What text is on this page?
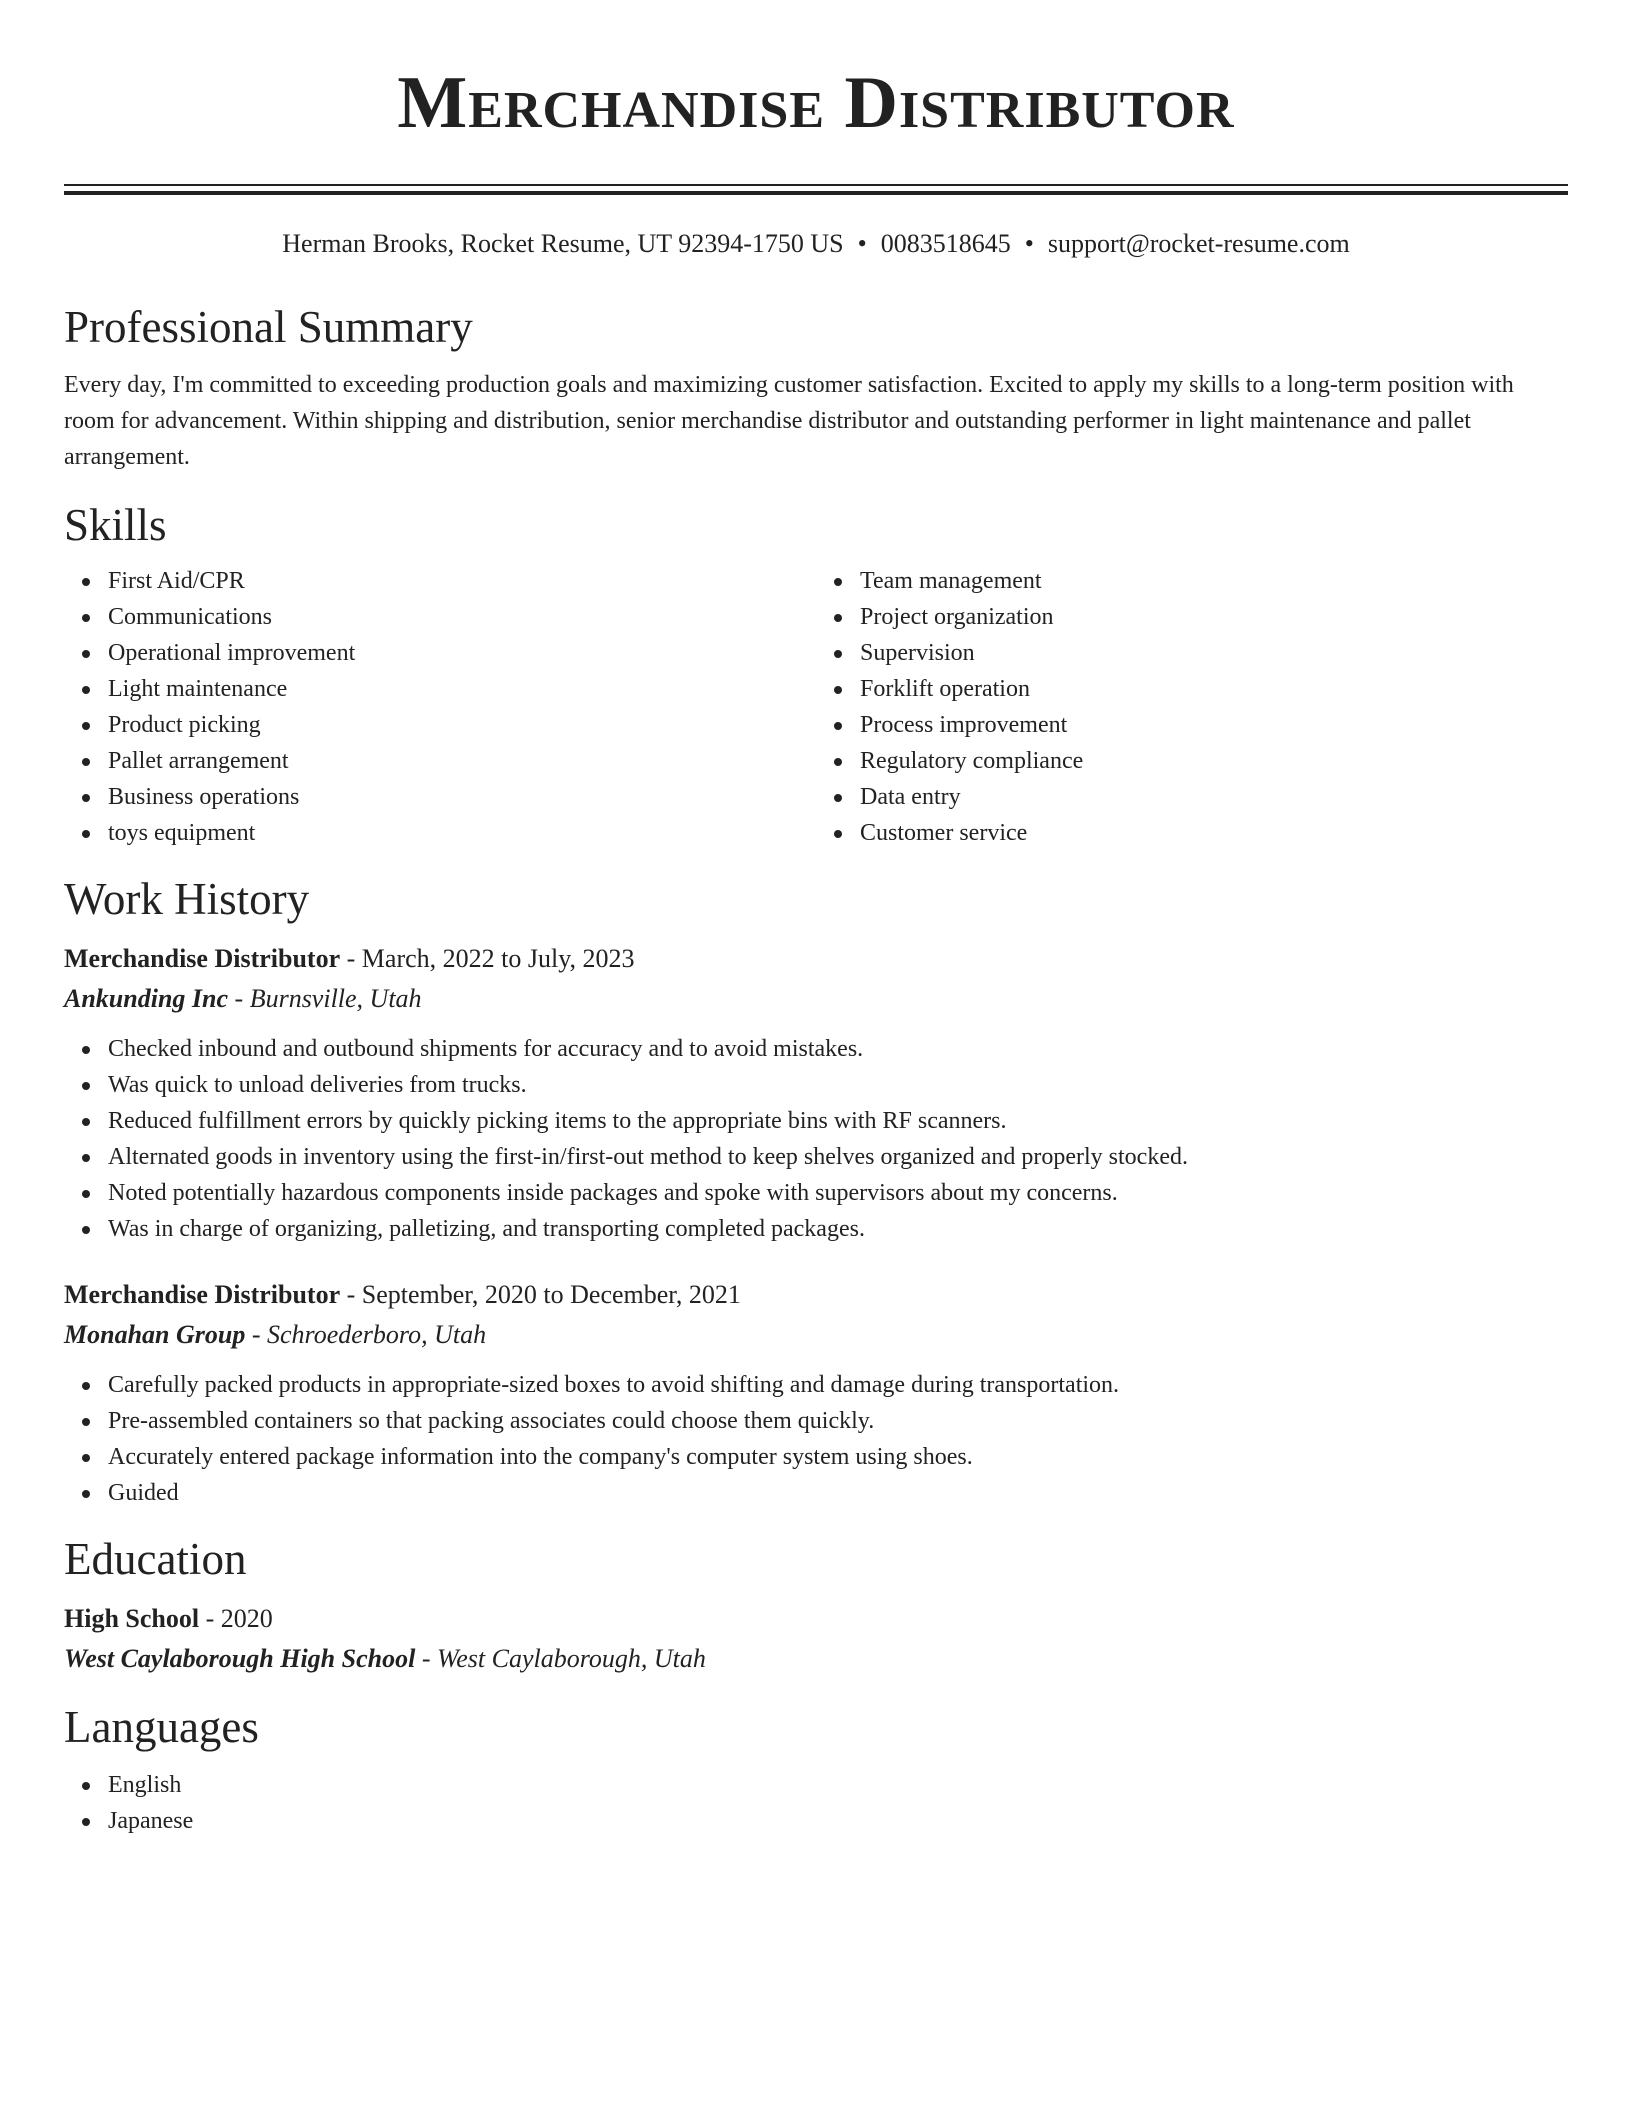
Merchandise Distributor
Herman Brooks, Rocket Resume, UT 92394-1750 US • 0083518645 • support@rocket-resume.com
Professional Summary

Every day, I'm committed to exceeding production goals and maximizing customer satisfaction. Excited to apply my skills to a long-term position with room for advancement. Within shipping and distribution, senior merchandise distributor and outstanding performer in light maintenance and pallet arrangement.

Skills
First Aid/CPR
Communications
Operational improvement
Light maintenance
Product picking
Pallet arrangement
Business operations
toys equipment
Team management
Project organization
Supervision
Forklift operation
Process improvement
Regulatory compliance
Data entry
Customer service
Work History
Merchandise Distributor - March, 2022 to July, 2023
Ankunding Inc - Burnsville, Utah
Checked inbound and outbound shipments for accuracy and to avoid mistakes.
Was quick to unload deliveries from trucks.
Reduced fulfillment errors by quickly picking items to the appropriate bins with RF scanners.
Alternated goods in inventory using the first-in/first-out method to keep shelves organized and properly stocked.
Noted potentially hazardous components inside packages and spoke with supervisors about my concerns.
Was in charge of organizing, palletizing, and transporting completed packages.
Merchandise Distributor - September, 2020 to December, 2021
Monahan Group - Schroederboro, Utah
Carefully packed products in appropriate-sized boxes to avoid shifting and damage during transportation.
Pre-assembled containers so that packing associates could choose them quickly.
Accurately entered package information into the company's computer system using shoes.
Guided
Education
High School - 2020
West Caylaborough High School - West Caylaborough, Utah
Languages
English
Japanese
